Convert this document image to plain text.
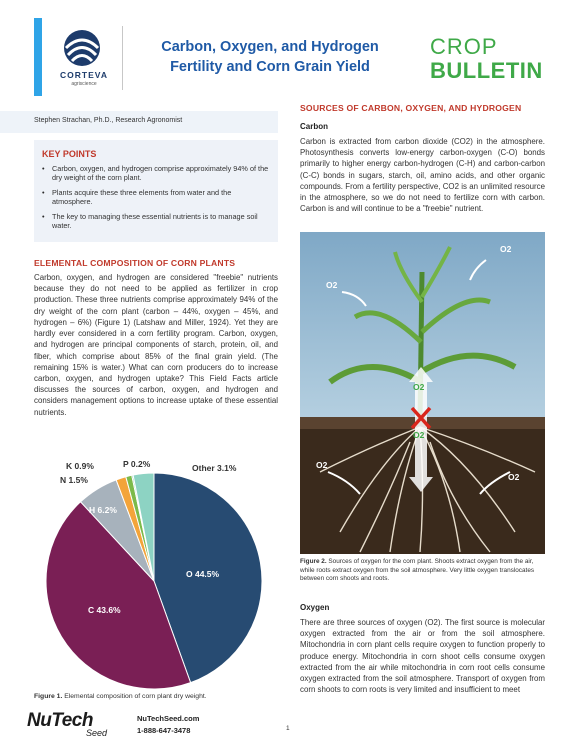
CORTEVA
agriscience
Carbon, Oxygen, and Hydrogen
Fertility and Corn Grain Yield
CROP
BULLETIN
Stephen Strachan, Ph.D., Research Agronomist
KEY POINTS
• Carbon, oxygen, and hydrogen comprise approximately 94% of the dry weight of the corn plant.
• Plants acquire these three elements from water and the atmosphere.
• The key to managing these essential nutrients is to manage soil water.
ELEMENTAL COMPOSITION OF CORN PLANTS

Carbon, oxygen, and hydrogen are considered "freebie" nutrients because they do not need to be applied as fertilizer in crop production. These three nutrients comprise approximately 94% of the dry weight of the corn plant (carbon – 44%, oxygen – 45%, and hydrogen – 6%) (Figure 1) (Latshaw and Miller, 1924). Yet they are hardly ever considered in a corn fertility program. Carbon, oxygen, and hydrogen are principal components of starch, protein, oil, and fiber, which comprise about 85% of the final grain yield. (The remaining 15% is water.) What can corn producers do to increase carbon, oxygen, and hydrogen uptake? This Field Facts article discusses the sources of carbon, oxygen, and hydrogen and considers management options to increase uptake of these essential nutrients.

O 44.5%
C 43.6%
H 6.2%
N 1.5%
K 0.9%	P 0.2%	Other 3.1%
Figure 1. Elemental composition of corn plant dry weight.
SOURCES OF CARBON, OXYGEN, AND HYDROGEN
Carbon

Carbon is extracted from carbon dioxide (CO2) in the atmosphere. Photosynthesis converts low-energy carbon-oxygen (C-O) bonds primarily to higher energy carbon-hydrogen (C-H) and carbon-carbon (C-C) bonds in sugars, starch, oil, amino acids, and other organic compounds. From a fertility perspective, CO2 is an unlimited resource in the atmosphere, so we do not need to fertilize corn with carbon. Carbon is and will continue to be a "freebie" nutrient.

O2
O2
O2
O2
O2
O2
Figure 2. Sources of oxygen for the corn plant. Shoots extract oxygen from the air, while roots extract oxygen from the soil atmosphere. Very little oxygen translocates between corn shoots and roots.
Oxygen

There are three sources of oxygen (O2). The first source is molecular oxygen extracted from the air or from the soil atmosphere. Mitochondria in corn plant cells require oxygen to function properly to produce energy. Mitochondria in corn shoot cells consume oxygen extracted from the air while mitochondria in corn root cells consume oxygen extracted from the soil atmosphere. Transport of oxygen from corn shoots to corn roots is very limited and insufficient to meet

NuTech
Seed
NuTechSeed.com
1-888-647-3478	1
